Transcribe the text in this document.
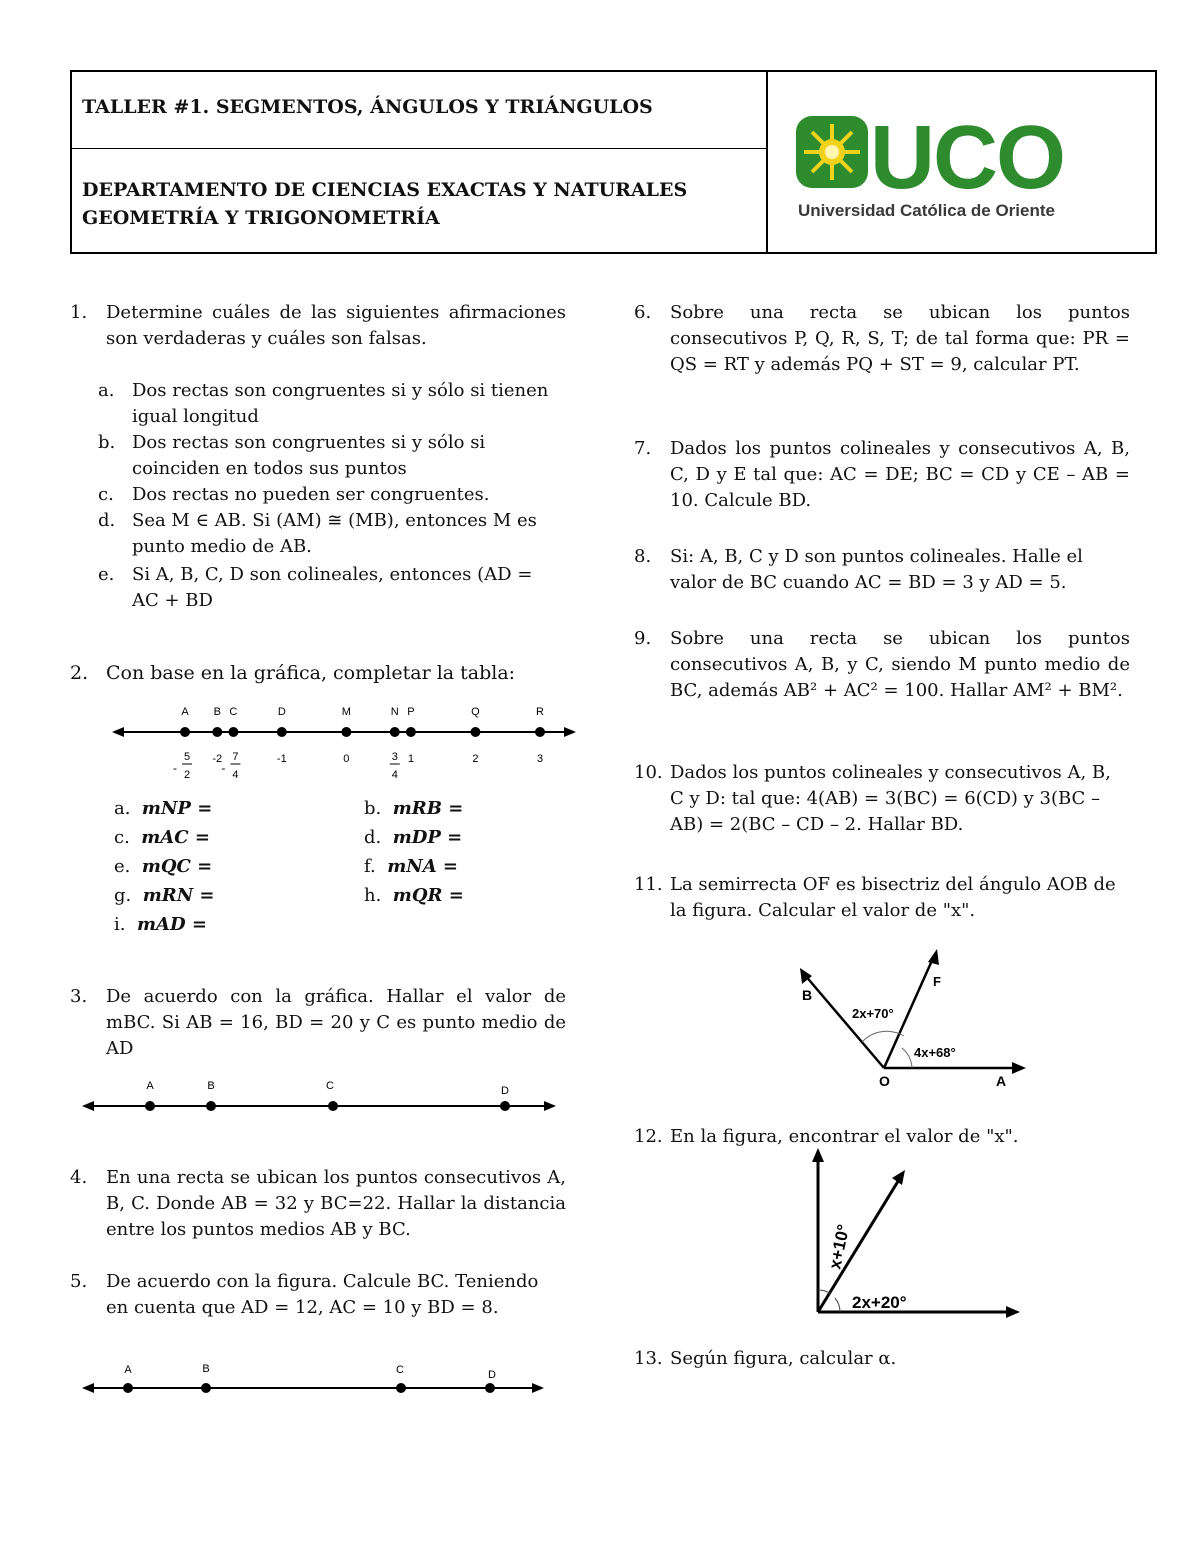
TALLER #1. SEGMENTOS, ÁNGULOS Y TRIÁNGULOS
DEPARTAMENTO DE CIENCIAS EXACTAS Y NATURALES
GEOMETRÍA Y TRIGONOMETRÍA
UCO
Universidad Católica de Oriente
1. Determine cuáles de las siguientes afirmaciones son verdaderas y cuáles son falsas.
a. Dos rectas son congruentes si y sólo si tienen igual longitud
b. Dos rectas son congruentes si y sólo si coinciden en todos sus puntos
c. Dos rectas no pueden ser congruentes.
d. Sea M ∈ AB. Si (AM) ≅ (MB), entonces M es punto medio de AB.
e. Si A, B, C, D son colineales, entonces (AD = AC + BD
2. Con base en la gráfica, completar la tabla:
A
-
5
2
B
-2
C
-
7
4
D
-1
M
0
N
3
4
P
1
Q
2
R
3
a. mNP =	b. mRB =
c. mAC =	d. mDP =
e. mQC =	f. mNA =
g. mRN =	h. mQR =
i. mAD =
3. De acuerdo con la gráfica. Hallar el valor de mBC. Si AB = 16, BD = 20 y C es punto medio de AD
A	B	C	D
4. En una recta se ubican los puntos consecutivos A, B, C. Donde AB = 32 y BC=22. Hallar la distancia entre los puntos medios AB y BC.
5. De acuerdo con la figura. Calcule BC. Teniendo en cuenta que AD = 12, AC = 10 y BD = 8.
A	B	C	D
6. Sobre una recta se ubican los puntos consecutivos P, Q, R, S, T; de tal forma que: PR = QS = RT y además PQ + ST = 9, calcular PT.
7. Dados los puntos colineales y consecutivos A, B, C, D y E tal que: AC = DE; BC = CD y CE – AB = 10. Calcule BD.
8. Si: A, B, C y D son puntos colineales. Halle el valor de BC cuando AC = BD = 3 y AD = 5.
9. Sobre una recta se ubican los puntos consecutivos A, B, y C, siendo M punto medio de BC, además AB² + AC² = 100. Hallar AM² + BM².
10. Dados los puntos colineales y consecutivos A, B, C y D: tal que: 4(AB) = 3(BC) = 6(CD) y 3(BC – AB) = 2(BC – CD – 2. Hallar BD.
11. La semirrecta OF es bisectriz del ángulo AOB de la figura. Calcular el valor de "x".
B
F
O	A
2x+70°
4x+68°
12. En la figura, encontrar el valor de "x".
x+10°
2x+20°
13. Según figura, calcular α.
